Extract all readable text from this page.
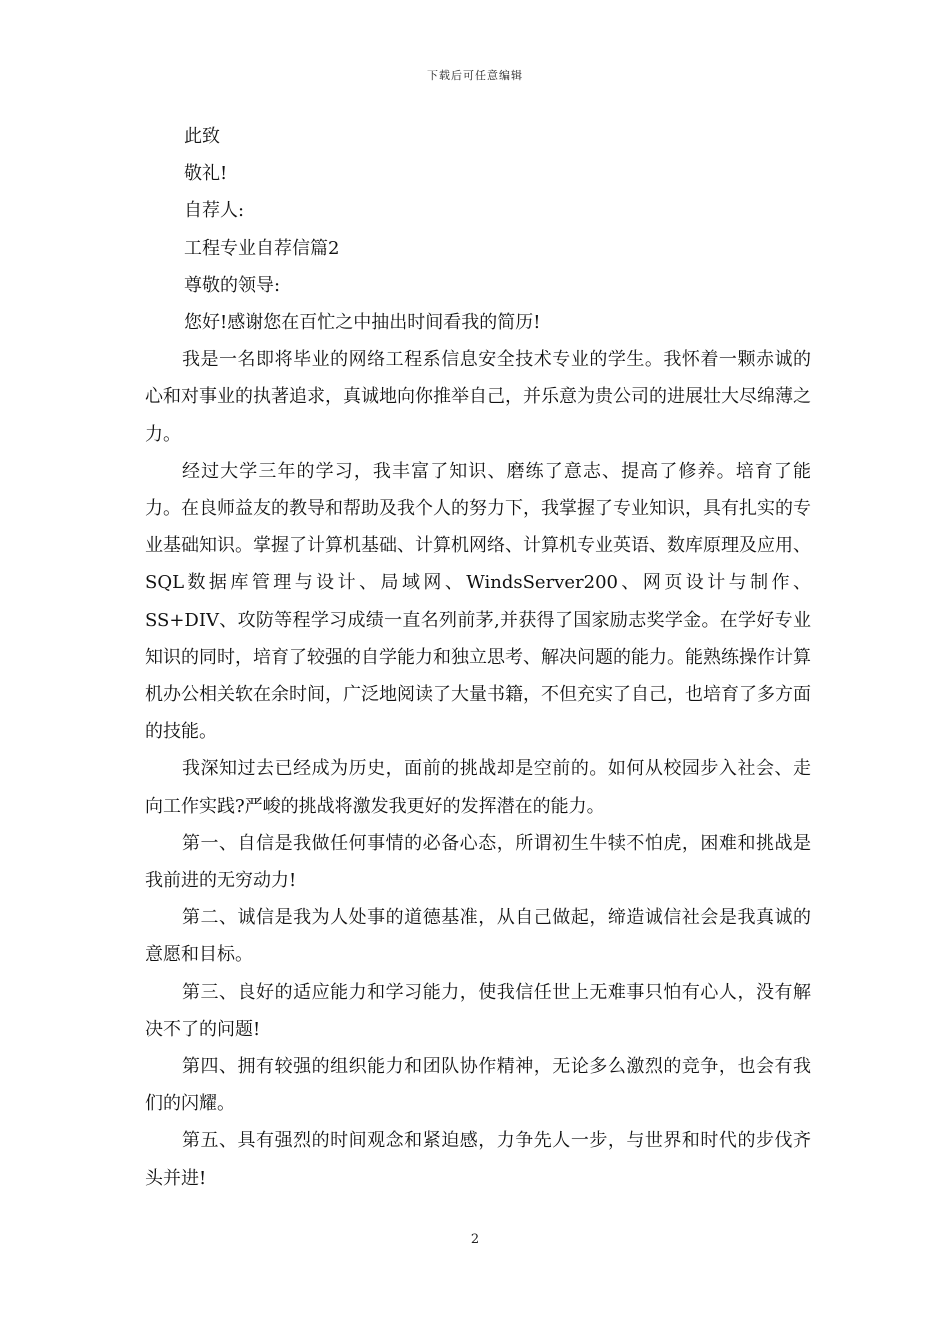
下载后可任意编辑

此致

敬礼!

自荐人:

工程专业自荐信篇2

尊敬的领导:

您好!感谢您在百忙之中抽出时间看我的简历!

我是一名即将毕业的网络工程系信息安全技术专业的学生。我怀着一颗赤诚的心和对事业的执著追求，真诚地向你推举自己，并乐意为贵公司的进展壮大尽绵薄之力。

经过大学三年的学习，我丰富了知识、磨练了意志、提高了修养。培育了能力。在良师益友的教导和帮助及我个人的努力下，我掌握了专业知识，具有扎实的专业基础知识。掌握了计算机基础、计算机网络、计算机专业英语、数库原理及应用、SQL数据库管理与设计、局域网、WindsServer200、网页设计与制作、SS+DIV、攻防等程学习成绩一直名列前茅,并获得了国家励志奖学金。在学好专业知识的同时，培育了较强的自学能力和独立思考、解决问题的能力。能熟练操作计算机办公相关软在余时间，广泛地阅读了大量书籍，不但充实了自己，也培育了多方面的技能。

我深知过去已经成为历史，面前的挑战却是空前的。如何从校园步入社会、走向工作实践?严峻的挑战将激发我更好的发挥潜在的能力。

第一、自信是我做任何事情的必备心态，所谓初生牛犊不怕虎，困难和挑战是我前进的无穷动力!

第二、诚信是我为人处事的道德基准，从自己做起，缔造诚信社会是我真诚的意愿和目标。

第三、良好的适应能力和学习能力，使我信任世上无难事只怕有心人，没有解决不了的问题!

第四、拥有较强的组织能力和团队协作精神，无论多么激烈的竞争，也会有我们的闪耀。

第五、具有强烈的时间观念和紧迫感，力争先人一步，与世界和时代的步伐齐头并进!

2
